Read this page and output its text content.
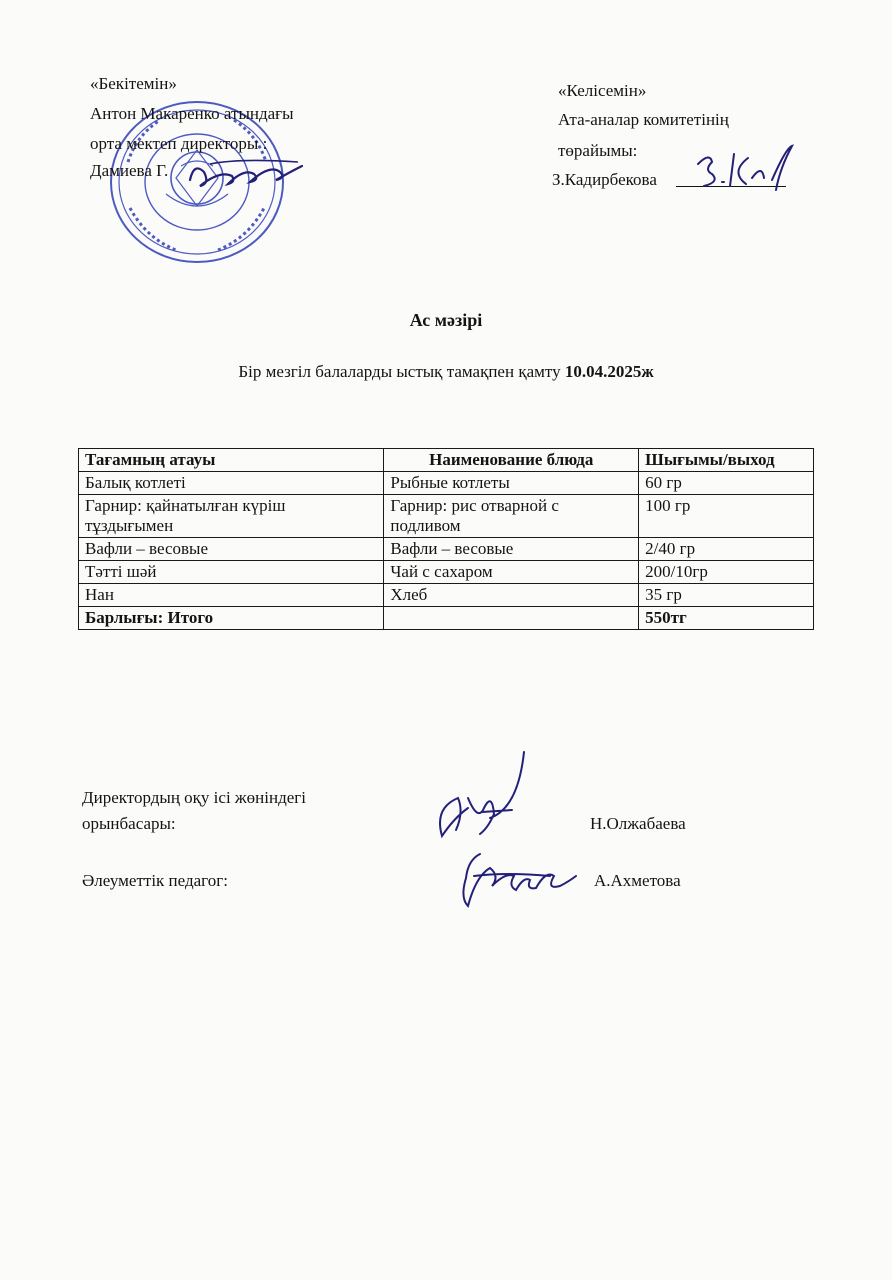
«Бекітемін»
Антон Макаренко атындағы
орта мектеп директоры :
Дамиева Г.
«Келісемін»
Ата-аналар комитетінің
төрайымы:
З.Кадирбекова
Ас мәзірі
Бір мезгіл балаларды ыстық тамақпен қамту 10.04.2025ж
Тағамның атауы	Наименование блюда	Шығымы/выход
Балық котлеті	Рыбные котлеты	60 гр
Гарнир: қайнатылған күріш тұздығымен	Гарнир: рис отварной с подливом	100 гр
Вафли – весовые	Вафли – весовые	2/40 гр
Тәтті шәй	Чай с сахаром	200/10гр
Нан	Хлеб	35 гр
Барлығы: Итого		550тг
Директордың оқу ісі жөніндегі
орынбасары:	Н.Олжабаева
Әлеуметтік педагог:	А.Ахметова
